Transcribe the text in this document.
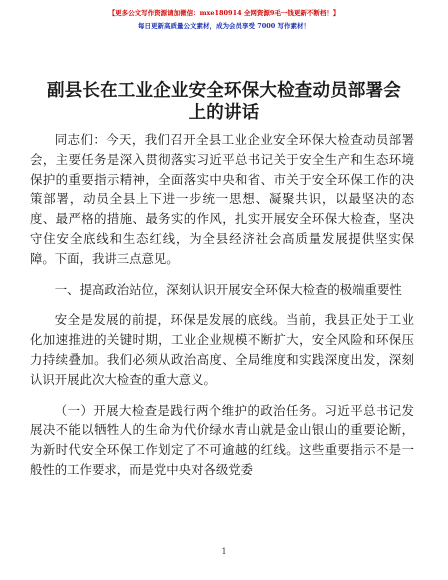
【更多公文写作资源请加微信：mxe180914 全网资源9毛一钱更新不断档！】
每日更新高质量公文素材，成为会员享受 7000 写作素材！
副县长在工业企业安全环保大检查动员部署会
上的讲话

同志们：今天，我们召开全县工业企业安全环保大检查动员部署会，主要任务是深入贯彻落实习近平总书记关于安全生产和生态环境保护的重要指示精神，全面落实中央和省、市关于安全环保工作的决策部署，动员全县上下进一步统一思想、凝聚共识，以最坚决的态度、最严格的措施、最务实的作风，扎实开展安全环保大检查，坚决守住安全底线和生态红线，为全县经济社会高质量发展提供坚实保障。下面，我讲三点意见。

一、提高政治站位，深刻认识开展安全环保大检查的极端重要性

安全是发展的前提，环保是发展的底线。当前，我县正处于工业化加速推进的关键时期，工业企业规模不断扩大，安全风险和环保压力持续叠加。我们必须从政治高度、全局维度和实践深度出发，深刻认识开展此次大检查的重大意义。

（一）开展大检查是践行两个维护的政治任务。习近平总书记发展决不能以牺牲人的生命为代价绿水青山就是金山银山的重要论断，为新时代安全环保工作划定了不可逾越的红线。这些重要指示不是一般性的工作要求，而是党中央对各级党委

1
